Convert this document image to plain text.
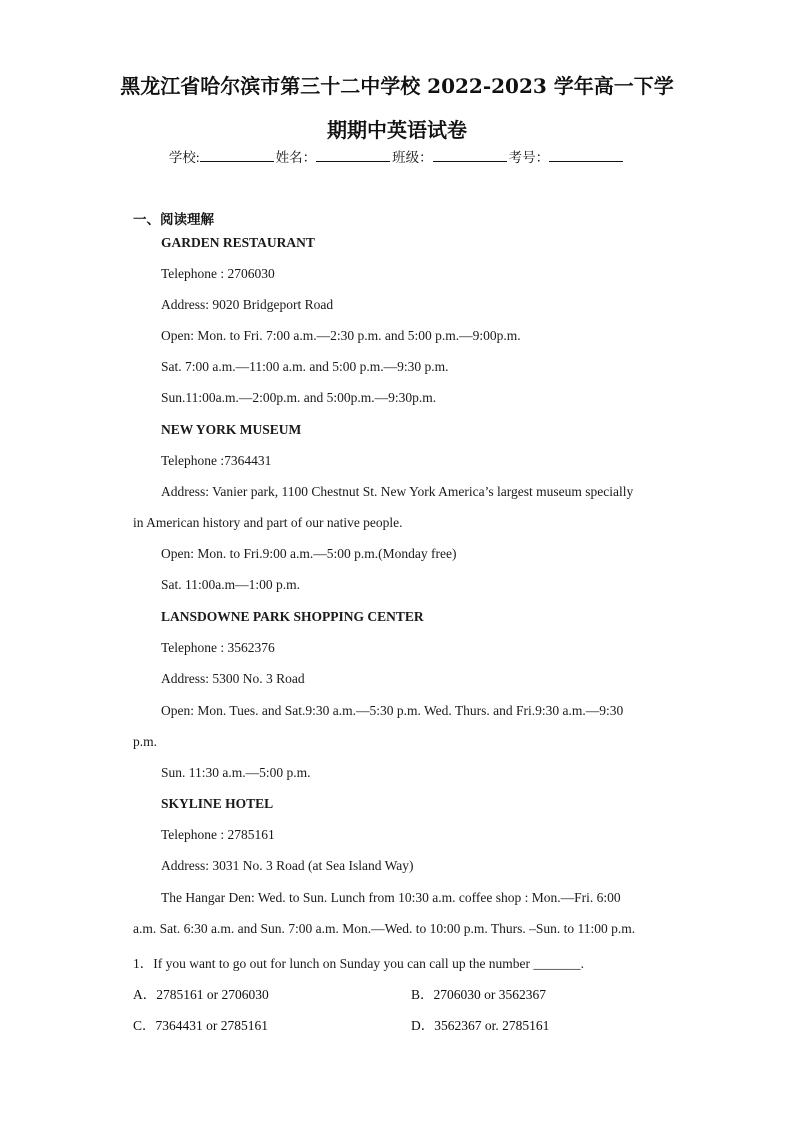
黑龙江省哈尔滨市第三十二中学校 2022-2023 学年高一下学
期期中英语试卷
学校:	姓名：	班级：	考号：
一、阅读理解
GARDEN RESTAURANT
Telephone : 2706030
Address: 9020 Bridgeport Road
Open: Mon. to Fri. 7:00 a.m.—2:30 p.m. and 5:00 p.m.—9:00p.m.
Sat. 7:00 a.m.—11:00 a.m. and 5:00 p.m.—9:30 p.m.
Sun.11:00a.m.—2:00p.m. and 5:00p.m.—9:30p.m.
NEW YORK MUSEUM
Telephone :7364431
Address: Vanier park, 1100 Chestnut St. New York America’s largest museum specially
in American history and part of our native people.
Open: Mon. to Fri.9:00 a.m.—5:00 p.m.(Monday free)
Sat. 11:00a.m—1:00 p.m.
LANSDOWNE PARK SHOPPING CENTER
Telephone : 3562376
Address: 5300 No. 3 Road
Open: Mon. Tues. and Sat.9:30 a.m.—5:30 p.m. Wed. Thurs. and Fri.9:30 a.m.—9:30
p.m.
Sun. 11:30 a.m.—5:00 p.m.
SKYLINE HOTEL
Telephone : 2785161
Address: 3031 No. 3 Road (at Sea Island Way)
The Hangar Den: Wed. to Sun. Lunch from 10:30 a.m. coffee shop : Mon.—Fri. 6:00
a.m. Sat. 6:30 a.m. and Sun. 7:00 a.m. Mon.—Wed. to 10:00 p.m. Thurs. –Sun. to 11:00 p.m.
1．If you want to go out for lunch on Sunday you can call up the number _______.
A．2785161 or 2706030	B．2706030 or 3562367
C．7364431 or 2785161	D．3562367 or. 2785161
